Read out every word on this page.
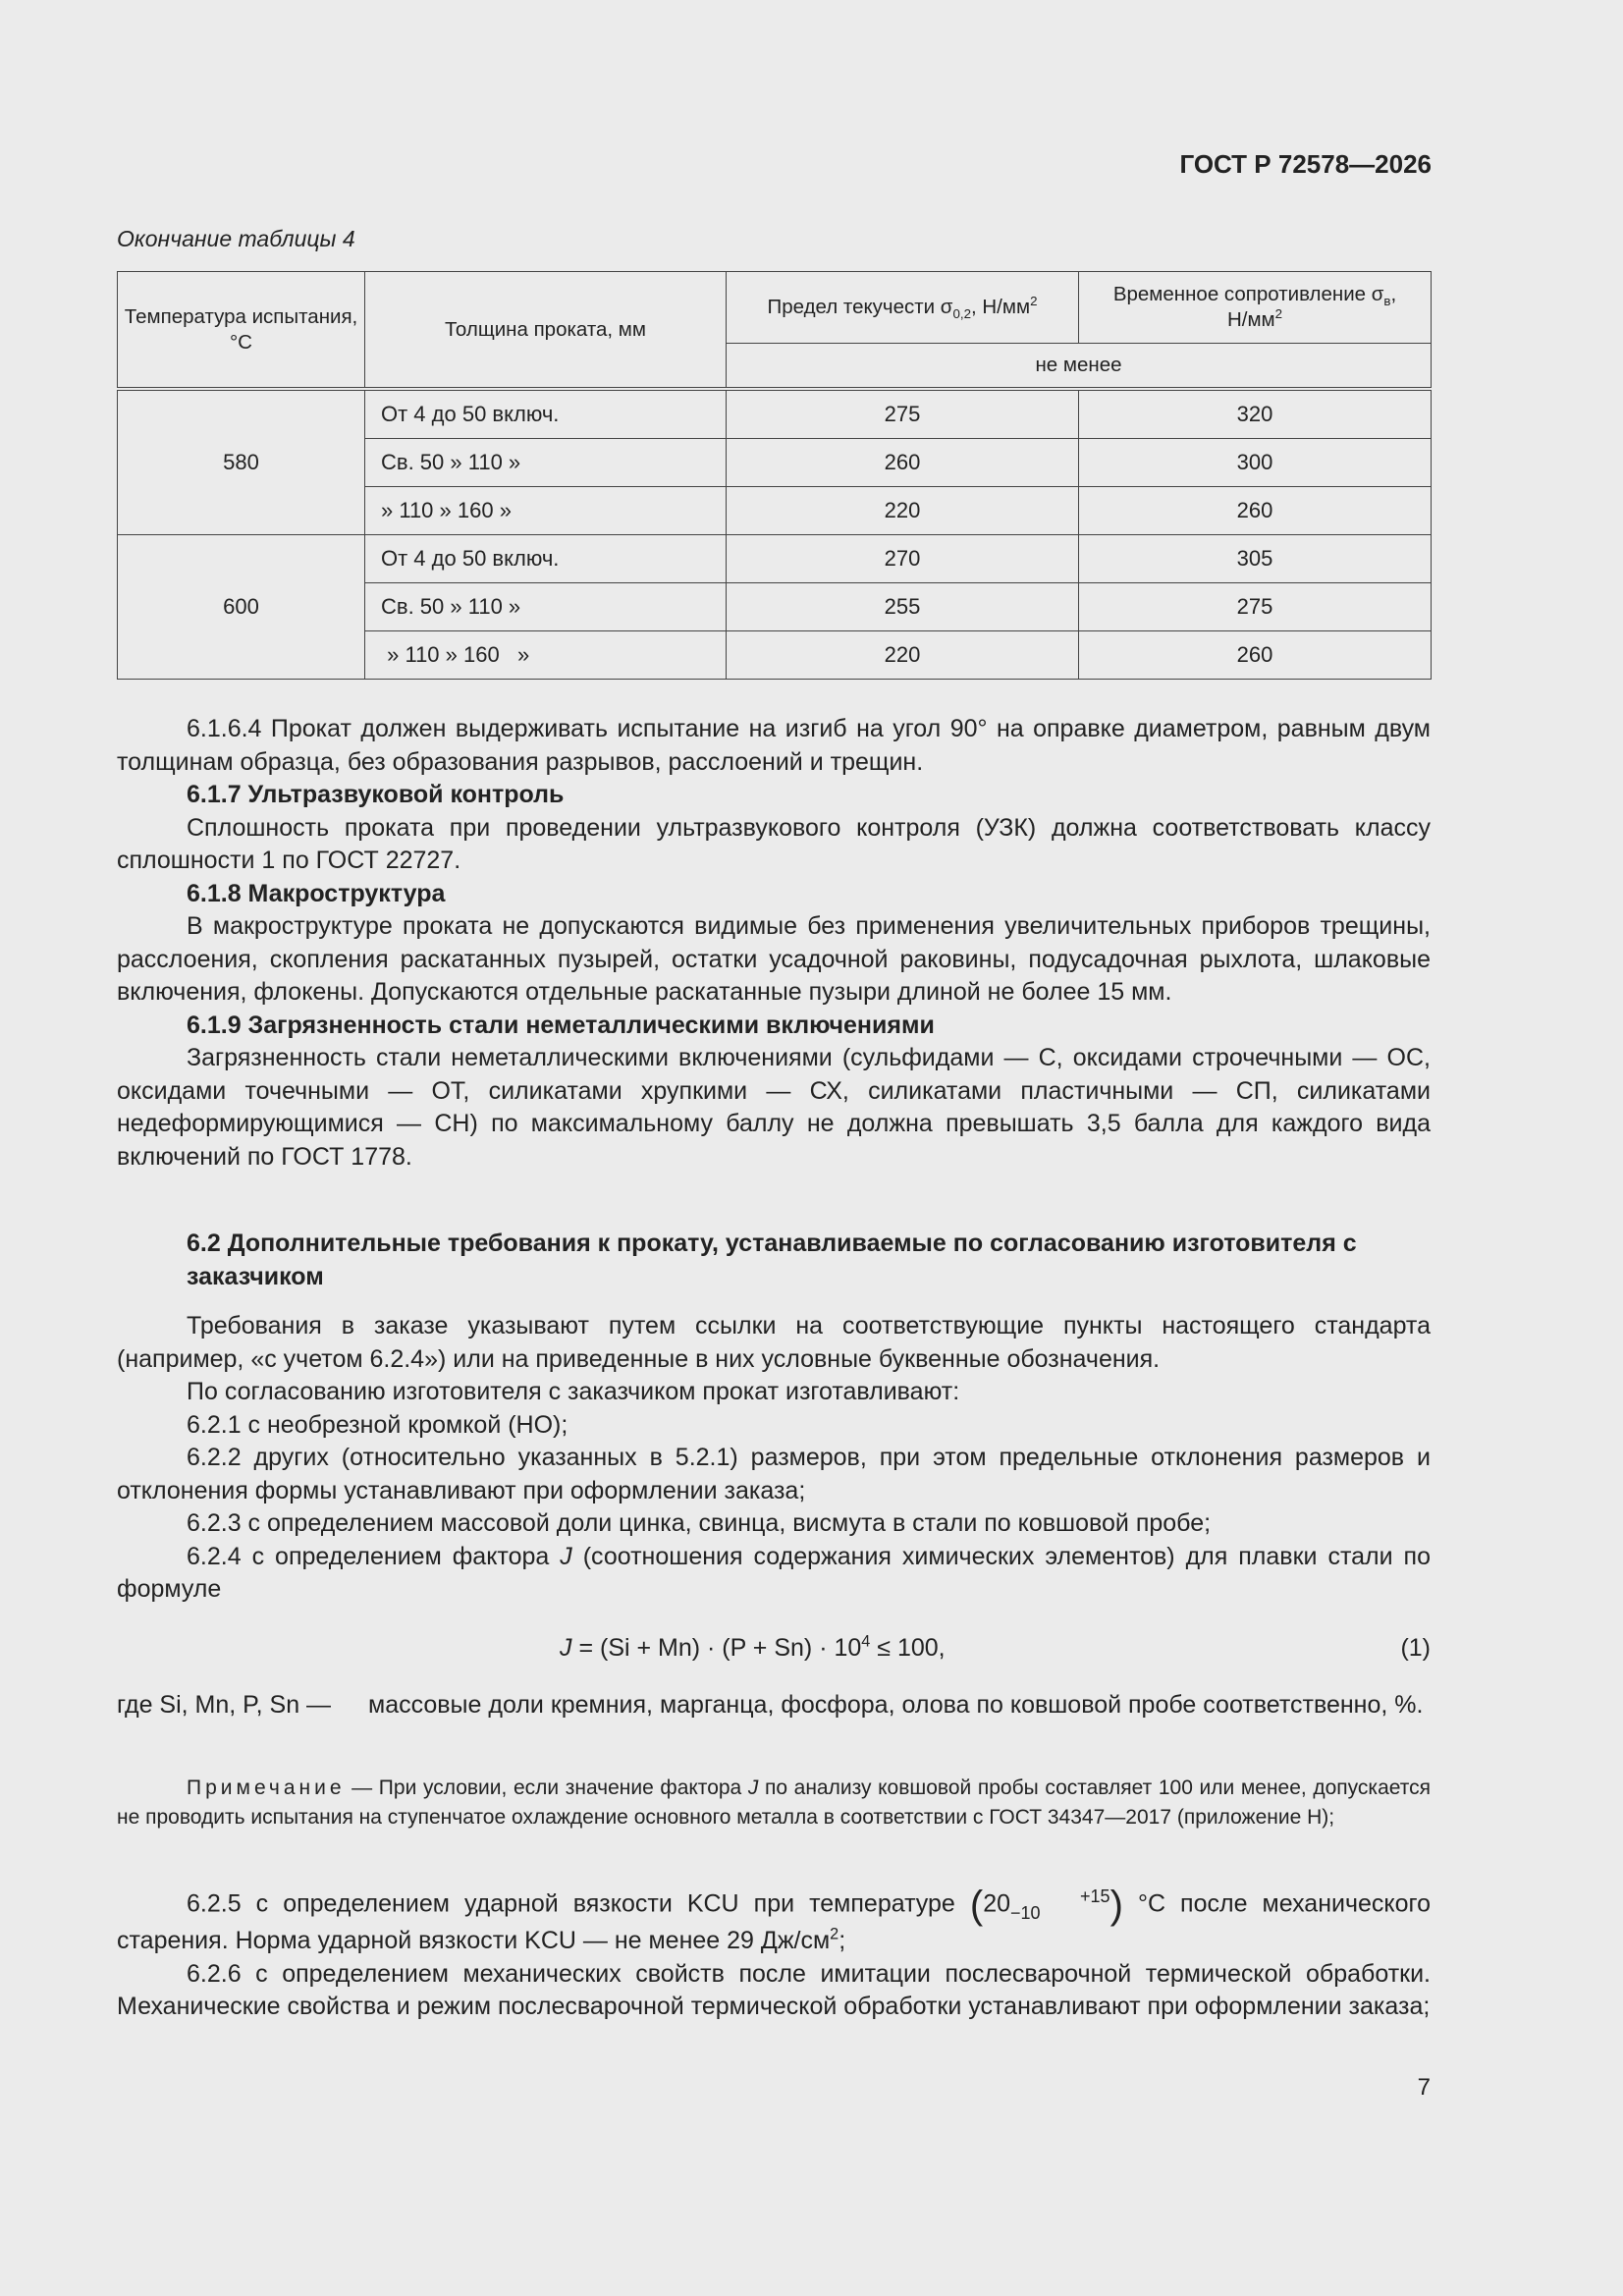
ГОСТ Р 72578—2026
Окончание таблицы 4
Температура испытания, °С	Толщина проката, мм	Предел текучести $\sigma_{0,2}$, $Н/мм^2$	Временное сопротивление $\sigma_в$,
$Н/мм^2$
		не менее	
580	От 4 до 50 включ.	275	320
	Св. 50 » 110 »	260	300
	» 110 » 160 »	220	260
600	От 4 до 50 включ.	270	305
	Св. 50 » 110 »	255	275
	» 110 » 160   »	220	260

6.1.6.4 Прокат должен выдерживать испытание на изгиб на угол 90° на оправке диаметром, равным двум толщинам образца, без образования разрывов, расслоений и трещин.

6.1.7 Ультразвуковой контроль

Сплошность проката при проведении ультразвукового контроля (УЗК) должна соответствовать классу сплошности 1 по ГОСТ 22727.

6.1.8 Макроструктура

В макроструктуре проката не допускаются видимые без применения увеличительных приборов трещины, расслоения, скопления раскатанных пузырей, остатки усадочной раковины, подусадочная рыхлота, шлаковые включения, флокены. Допускаются отдельные раскатанные пузыри длиной не более 15 мм.

6.1.9 Загрязненность стали неметаллическими включениями

Загрязненность стали неметаллическими включениями (сульфидами — С, оксидами строчечными — ОС, оксидами точечными — ОТ, силикатами хрупкими — СХ, силикатами пластичными — СП, силикатами недеформирующимися — СН) по максимальному баллу не должна превышать 3,5 балла для каждого вида включений по ГОСТ 1778.

6.2 Дополнительные требования к прокату, устанавливаемые по согласованию изготовителя с заказчиком

Требования в заказе указывают путем ссылки на соответствующие пункты настоящего стандарта (например, «с учетом 6.2.4») или на приведенные в них условные буквенные обозначения.

По согласованию изготовителя с заказчиком прокат изготавливают:

6.2.1 с необрезной кромкой (НО);

6.2.2 других (относительно указанных в 5.2.1) размеров, при этом предельные отклонения размеров и отклонения формы устанавливают при оформлении заказа;

6.2.3 с определением массовой доли цинка, свинца, висмута в стали по ковшовой пробе;

6.2.4 с определением фактора J (соотношения содержания химических элементов) для плавки стали по формуле

$J = (Si + Mn) \cdot (P + Sn) \cdot 10^4 \le 100$,	(1)
где Si, Mn, P, Sn — массовые доли кремния, марганца, фосфора, олова по ковшовой пробе соответственно, %.

Примечание — При условии, если значение фактора J по анализу ковшовой пробы составляет 100 или менее, допускается не проводить испытания на ступенчатое охлаждение основного металла в соответствии с ГОСТ 34347—2017 (приложение Н);

6.2.5 с определением ударной вязкости KCU при температуре (20	+15
−10 ) °С после механического старения. Норма ударной вязкости KCU — не менее 29 $Дж/см^2$;

6.2.6 с определением механических свойств после имитации послесварочной термической обработки. Механические свойства и режим послесварочной термической обработки устанавливают при оформлении заказа;

7
